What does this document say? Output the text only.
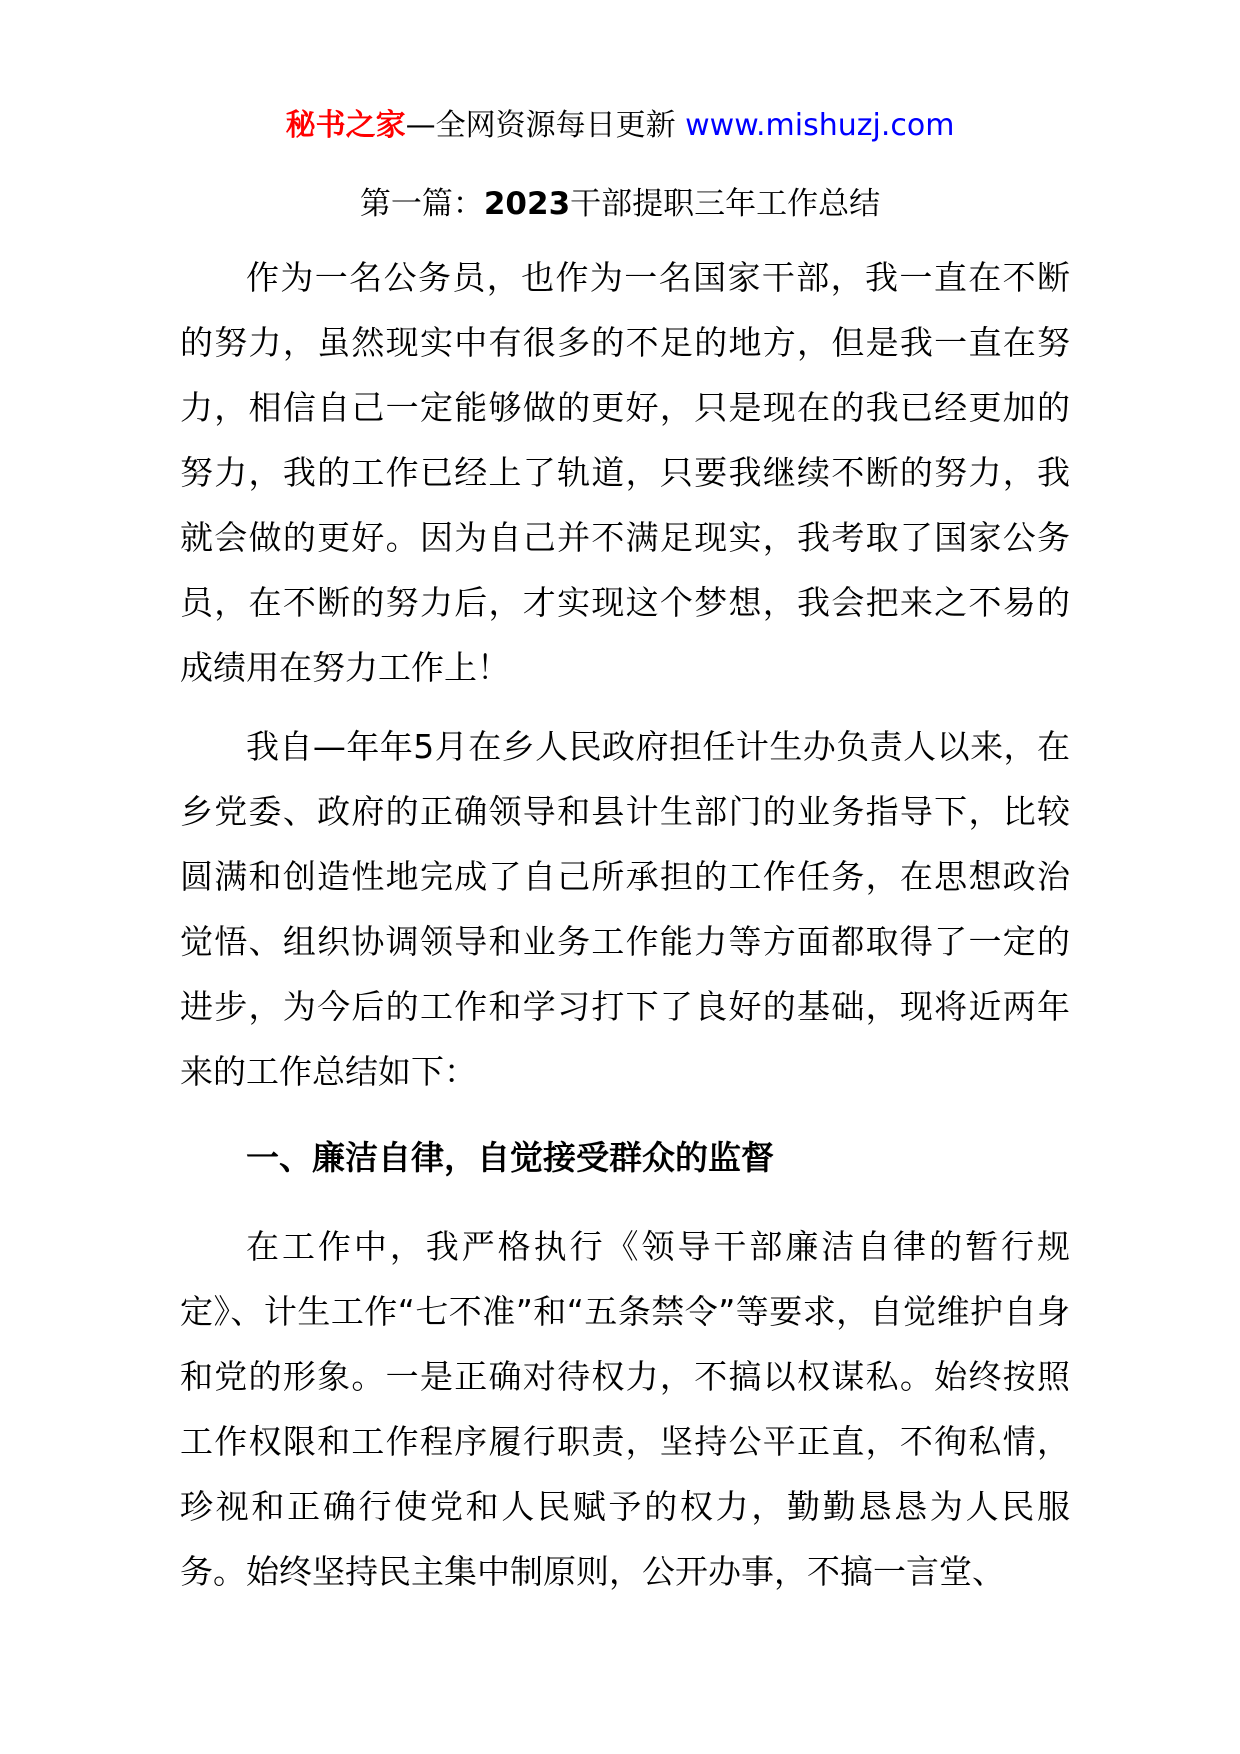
秘书之家—全网资源每日更新 www.mishuzj.com
第一篇：2023干部提职三年工作总结

作为一名公务员，也作为一名国家干部，我一直在不断的努力，虽然现实中有很多的不足的地方，但是我一直在努力，相信自己一定能够做的更好，只是现在的我已经更加的努力，我的工作已经上了轨道，只要我继续不断的努力，我就会做的更好。因为自己并不满足现实，我考取了国家公务员，在不断的努力后，才实现这个梦想，我会把来之不易的成绩用在努力工作上！

我自—年年5月在乡人民政府担任计生办负责人以来，在乡党委、政府的正确领导和县计生部门的业务指导下，比较圆满和创造性地完成了自己所承担的工作任务，在思想政治觉悟、组织协调领导和业务工作能力等方面都取得了一定的进步，为今后的工作和学习打下了良好的基础，现将近两年来的工作总结如下：

一、廉洁自律，自觉接受群众的监督

在工作中，我严格执行《领导干部廉洁自律的暂行规定》、计生工作“七不准”和“五条禁令”等要求，自觉维护自身和党的形象。一是正确对待权力，不搞以权谋私。始终按照工作权限和工作程序履行职责，坚持公平正直，不徇私情，珍视和正确行使党和人民赋予的权力，勤勤恳恳为人民服务。始终坚持民主集中制原则，公开办事，不搞一言堂、
